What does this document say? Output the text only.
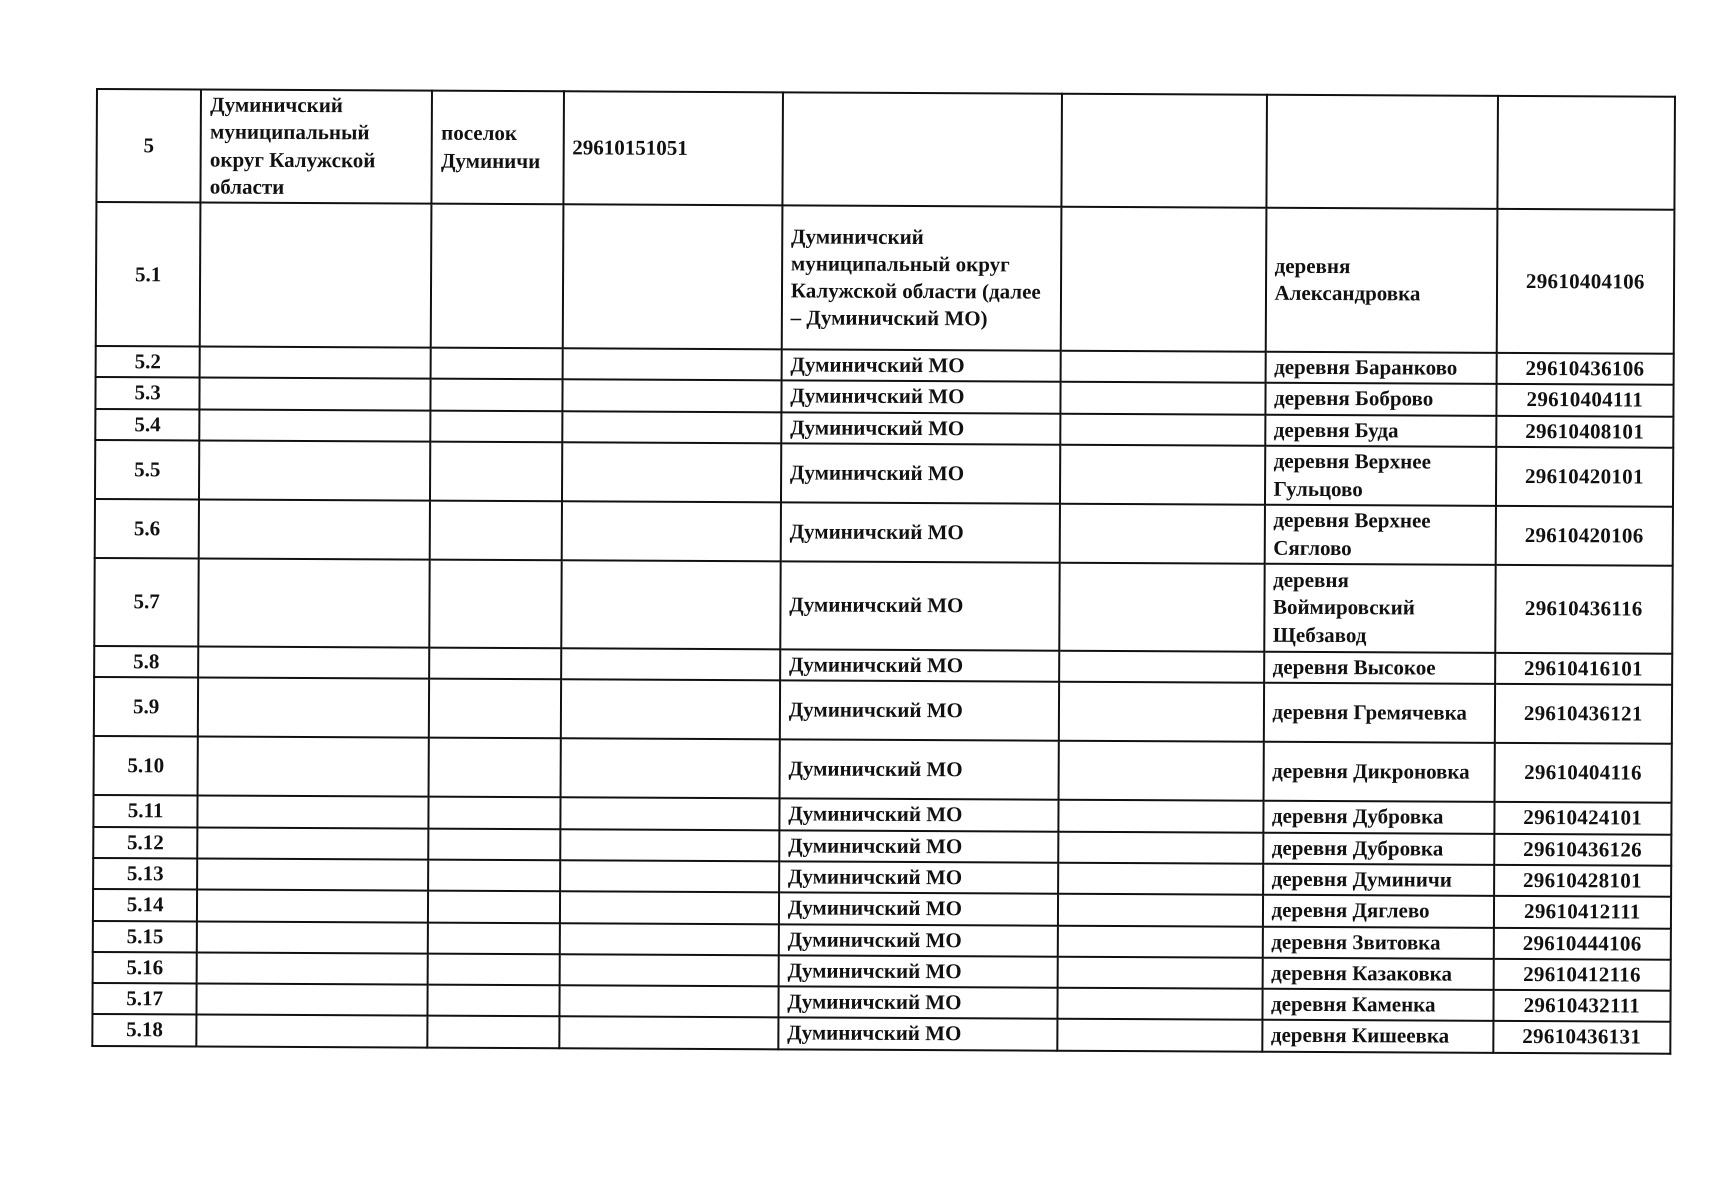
5	Думиничский муниципальный округ Калужской области	поселок Думиничи	29610151051				
5.1				Думиничский муниципальный округ Калужской области (далее – Думиничский МО)		деревня Александровка	29610404106
5.2				Думиничский МО		деревня Баранково	29610436106
5.3				Думиничский МО		деревня Боброво	29610404111
5.4				Думиничский МО		деревня Буда	29610408101
5.5				Думиничский МО		деревня Верхнее Гульцово	29610420101
5.6				Думиничский МО		деревня Верхнее Сяглово	29610420106
5.7				Думиничский МО		деревня Воймировский Щебзавод	29610436116
5.8				Думиничский МО		деревня Высокое	29610416101
5.9				Думиничский МО		деревня Гремячевка	29610436121
5.10				Думиничский МО		деревня Дикроновка	29610404116
5.11				Думиничский МО		деревня Дубровка	29610424101
5.12				Думиничский МО		деревня Дубровка	29610436126
5.13				Думиничский МО		деревня Думиничи	29610428101
5.14				Думиничский МО		деревня Дяглево	29610412111
5.15				Думиничский МО		деревня Звитовка	29610444106
5.16				Думиничский МО		деревня Казаковка	29610412116
5.17				Думиничский МО		деревня Каменка	29610432111
5.18				Думиничский МО		деревня Кишеевка	29610436131
